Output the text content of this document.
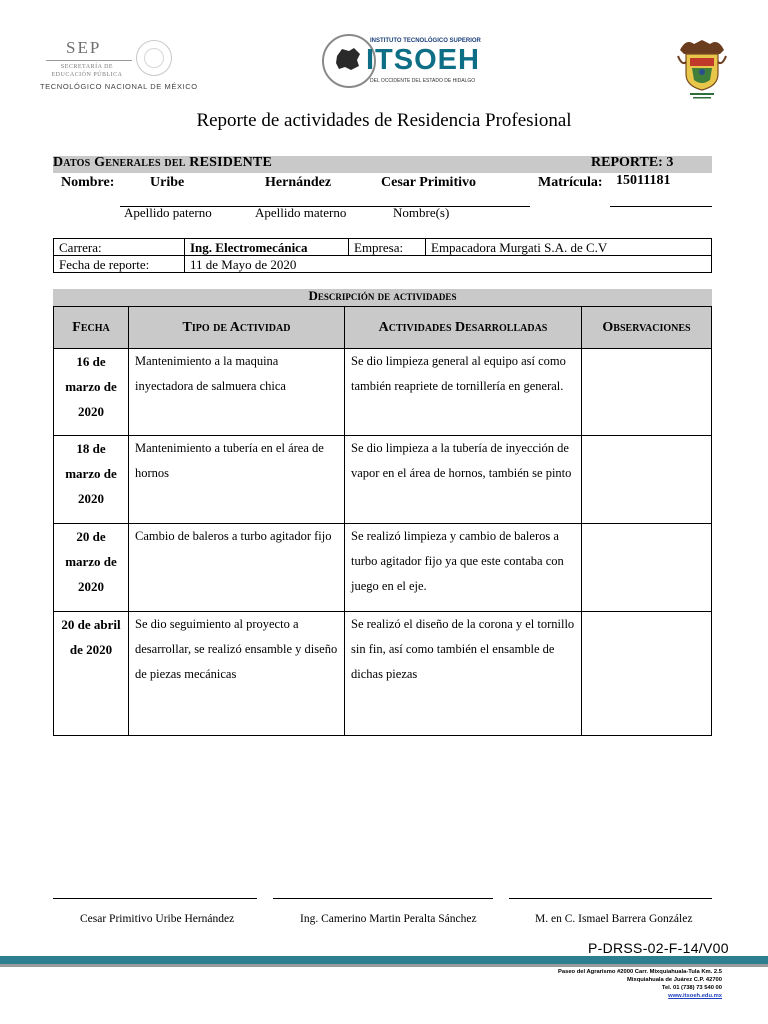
SEP
SECRETARÍA DE
EDUCACIÓN PÚBLICA
TECNOLÓGICO NACIONAL DE MÉXICO
INSTITUTO TECNOLÓGICO SUPERIOR
ITSOEH
DEL OCCIDENTE DEL ESTADO DE HIDALGO
Reporte de actividades de Residencia Profesional
Datos Generales del RESIDENTE	REPORTE: 3
Nombre:	Uribe	Hernández	Cesar Primitivo	Matrícula: 15011181
Apellido paterno	Apellido materno	Nombre(s)
Carrera:	Ing. Electromecánica	Empresa:	Empacadora Murgati S.A. de C.V
Fecha de reporte:	11 de Mayo de 2020		
Descripción de actividades
Fecha	Tipo de Actividad	Actividades Desarrolladas	Observaciones
16 de marzo de 2020	Mantenimiento a la maquina inyectadora de salmuera chica	Se dio limpieza general al equipo así como también reapriete de tornillería en general.	
18 de marzo de 2020	Mantenimiento a tubería en el área de hornos	Se dio limpieza a la tubería de inyección de vapor en el área de hornos, también se pinto	
20 de marzo de 2020	Cambio de baleros a turbo agitador fijo	Se realizó limpieza y cambio de baleros a turbo agitador fijo ya que este contaba con juego en el eje.	
20 de abril de 2020	Se dio seguimiento al proyecto a desarrollar, se realizó ensamble y diseño de piezas mecánicas	Se realizó el diseño de la corona y el tornillo sin fin, así como también el ensamble de dichas piezas	
Cesar Primitivo Uribe Hernández	Ing. Camerino Martin Peralta Sánchez	M. en C. Ismael Barrera González
P-DRSS-02-F-14/V00
Paseo del Agrarismo #2000 Carr. Mixquiahuala-Tula Km. 2.5
Mixquiahuala de Juárez C.P. 42700
Tel. 01 (738) 73 540 00
www.itsoeh.edu.mx
